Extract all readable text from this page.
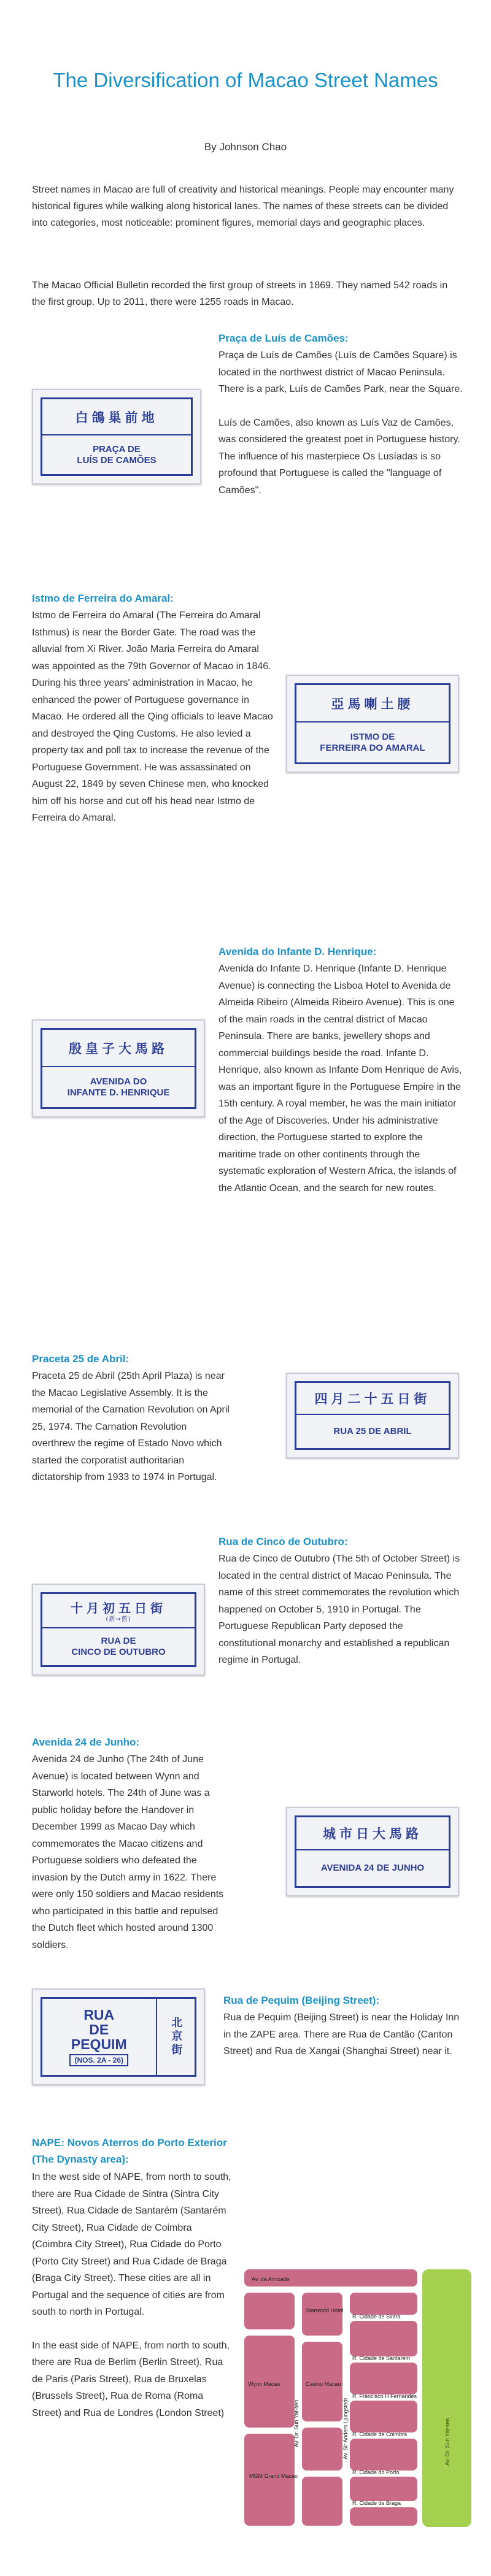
The Diversification of Macao Street Names
By Johnson Chao

Street names in Macao are full of creativity and historical meanings. People may encounter many historical figures while walking along historical lanes. The names of these streets can be divided into categories, most noticeable: prominent figures, memorial days and geographic places.

The Macao Official Bulletin recorded the first group of streets in 1869. They named 542 roads in the first group. Up to 2011, there were 1255 roads in Macao.

Praça de Luís de Camões:

Praça de Luís de Camões (Luís de Camões Square) is located in the northwest district of Macao Peninsula. There is a park, Luís de Camões Park, near the Square.

Luís de Camões, also known as Luís Vaz de Camões, was considered the greatest poet in Portuguese history. The influence of his masterpiece Os Lusíadas is so profound that Portuguese is called the "language of Camões".

白鴿巢前地
PRAÇA DE
LUÍS DE CAMÕES
Istmo de Ferreira do Amaral:

Istmo de Ferreira do Amaral (The Ferreira do Amaral Isthmus) is near the Border Gate. The road was the alluvial from Xi River. João Maria Ferreira do Amaral was appointed as the 79th Governor of Macao in 1846. During his three years' administration in Macao, he enhanced the power of Portuguese governance in Macao. He ordered all the Qing officials to leave Macao and destroyed the Qing Customs. He also levied a property tax and poll tax to increase the revenue of the Portuguese Government. He was assassinated on August 22, 1849 by seven Chinese men, who knocked him off his horse and cut off his head near Istmo de Ferreira do Amaral.

亞馬喇土腰
ISTMO DE
FERREIRA DO AMARAL
Avenida do Infante D. Henrique:

Avenida do Infante D. Henrique (Infante D. Henrique Avenue) is connecting the Lisboa Hotel to Avenida de Almeida Ribeiro (Almeida Ribeiro Avenue). This is one of the main roads in the central district of Macao Peninsula. There are banks, jewellery shops and commercial buildings beside the road. Infante D. Henrique, also known as Infante Dom Henrique de Avis, was an important figure in the Portuguese Empire in the 15th century. A royal member, he was the main initiator of the Age of Discoveries. Under his administrative direction, the Portuguese started to explore the maritime trade on other continents through the systematic exploration of Western Africa, the islands of the Atlantic Ocean, and the search for new routes.

殷皇子大馬路
AVENIDA DO
INFANTE D. HENRIQUE
Praceta 25 de Abril:

Praceta 25 de Abril (25th April Plaza) is near the Macao Legislative Assembly. It is the memorial of the Carnation Revolution on April 25, 1974. The Carnation Revolution overthrew the regime of Estado Novo which started the corporatist authoritarian dictatorship from 1933 to 1974 in Portugal.

四月二十五日街
RUA 25 DE ABRIL
Rua de Cinco de Outubro:

Rua de Cinco de Outubro (The 5th of October Street) is located in the central district of Macao Peninsula. The name of this street commemorates the revolution which happened on October 5, 1910 in Portugal. The Portuguese Republican Party deposed the constitutional monarchy and established a republican regime in Portugal.

十月初五日街
(新→舊)
RUA DE
CINCO DE OUTUBRO
Avenida 24 de Junho:

Avenida 24 de Junho (The 24th of June Avenue) is located between Wynn and Starworld hotels. The 24th of June was a public holiday before the Handover in December 1999 as Macao Day which commemorates the Macao citizens and Portuguese soldiers who defeated the invasion by the Dutch army in 1622. There were only 150 soldiers and Macao residents who participated in this battle and repulsed the Dutch fleet which hosted around 1300 soldiers.

城市日大馬路
AVENIDA 24 DE JUNHO
Rua de Pequim (Beijing Street):

Rua de Pequim (Beijing Street) is near the Holiday Inn in the ZAPE area. There are Rua de Cantão (Canton Street) and Rua de Xangai (Shanghai Street) near it.

RUA
DE
PEQUIM
(NOS. 2A - 26)
北京街
NAPE: Novos Aterros do Porto Exterior (The Dynasty area):

In the west side of NAPE, from north to south, there are Rua Cidade de Sintra (Sintra City Street), Rua Cidade de Santarém (Santarém City Street), Rua Cidade de Coimbra (Coimbra City Street), Rua Cidade do Porto (Porto City Street) and Rua Cidade de Braga (Braga City Street). These cities are all in Portugal and the sequence of cities are from south to north in Portugal.

In the east side of NAPE, from north to south, there are Rua de Berlim (Berlin Street), Rua de Paris (Paris Street), Rua de Bruxelas (Brussels Street), Rua de Roma (Roma Street) and Rua de Londres (London Street)

Av. da Amizade
R. Cidade de Sintra
R. Cidade de Santarém
R. Francisco H Fernandes
R. Cidade de Coimbra
R. Cidade do Porto
R. Cidade de Braga
Starworld Hotel
Wynn Macao	Casino Macau
MGM Grand Macao
Av. Dr. Sun Yat-sen	Av. Sir Anders Ljungstedt	Av. Dr. Sun Yat-sen
